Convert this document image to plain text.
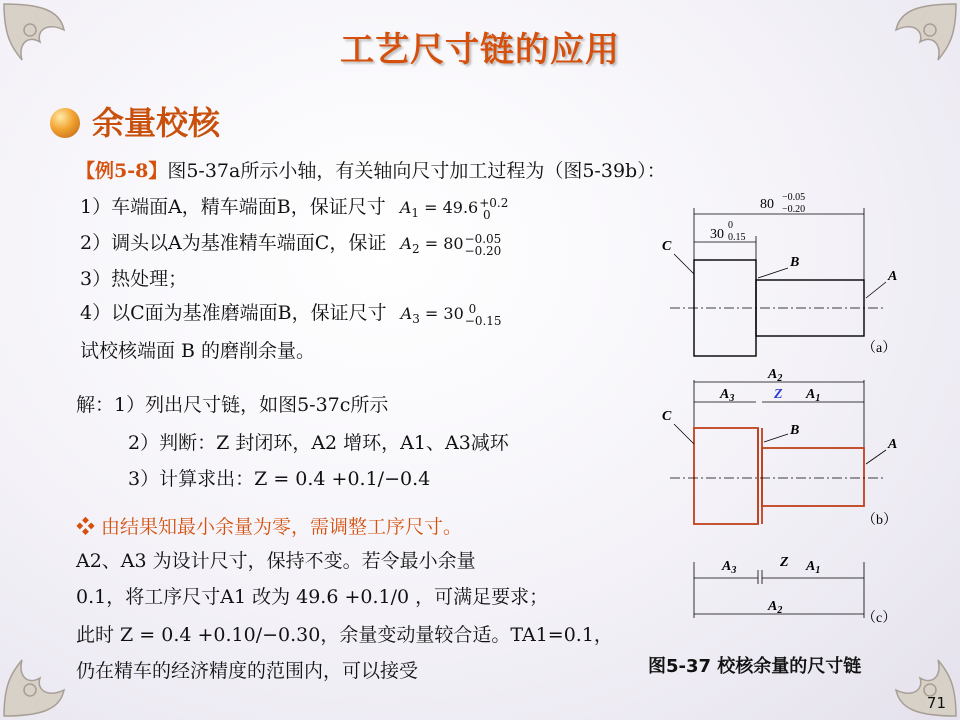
工艺尺寸链的应用
余量校核
【例5-8】图5-37a所示小轴，有关轴向尺寸加工过程为（图5-39b）：
1）车端面A，精车端面B，保证尺寸 $A_1 = 49.6 +0.2$
0
2）调头以A为基准精车端面C，保证 $A_2 = 80 -0.05$
−0.20
3）热处理；
4）以C面为基准磨端面B，保证尺寸 $A_3 = 30$ 0
−0.15
试校核端面 B 的磨削余量。
解：1）列出尺寸链，如图5-37c所示
2）判断：Z 封闭环，A2 增环，A1、A3减环
3）计算求出：Z = 0.4 +0.1/−0.4
❖ 由结果知最小余量为零，需调整工序尺寸。
A2、A3 为设计尺寸，保持不变。若令最小余量
0.1，将工序尺寸A1 改为 49.6 +0.1/0 ，可满足要求；
此时 Z = 0.4 +0.10/−0.30，余量变动量较合适。TA1=0.1，
仍在精车的经济精度的范围内，可以接受
80 −0.05
−0.20
30
0
0.15
C
B
A
（a）
$A_2$
$A_3$	Z $A_1$
C
B
A
（b）
$A_3$
Z $A_1$
$A_2$
（c）
图5-37 校核余量的尺寸链
71
